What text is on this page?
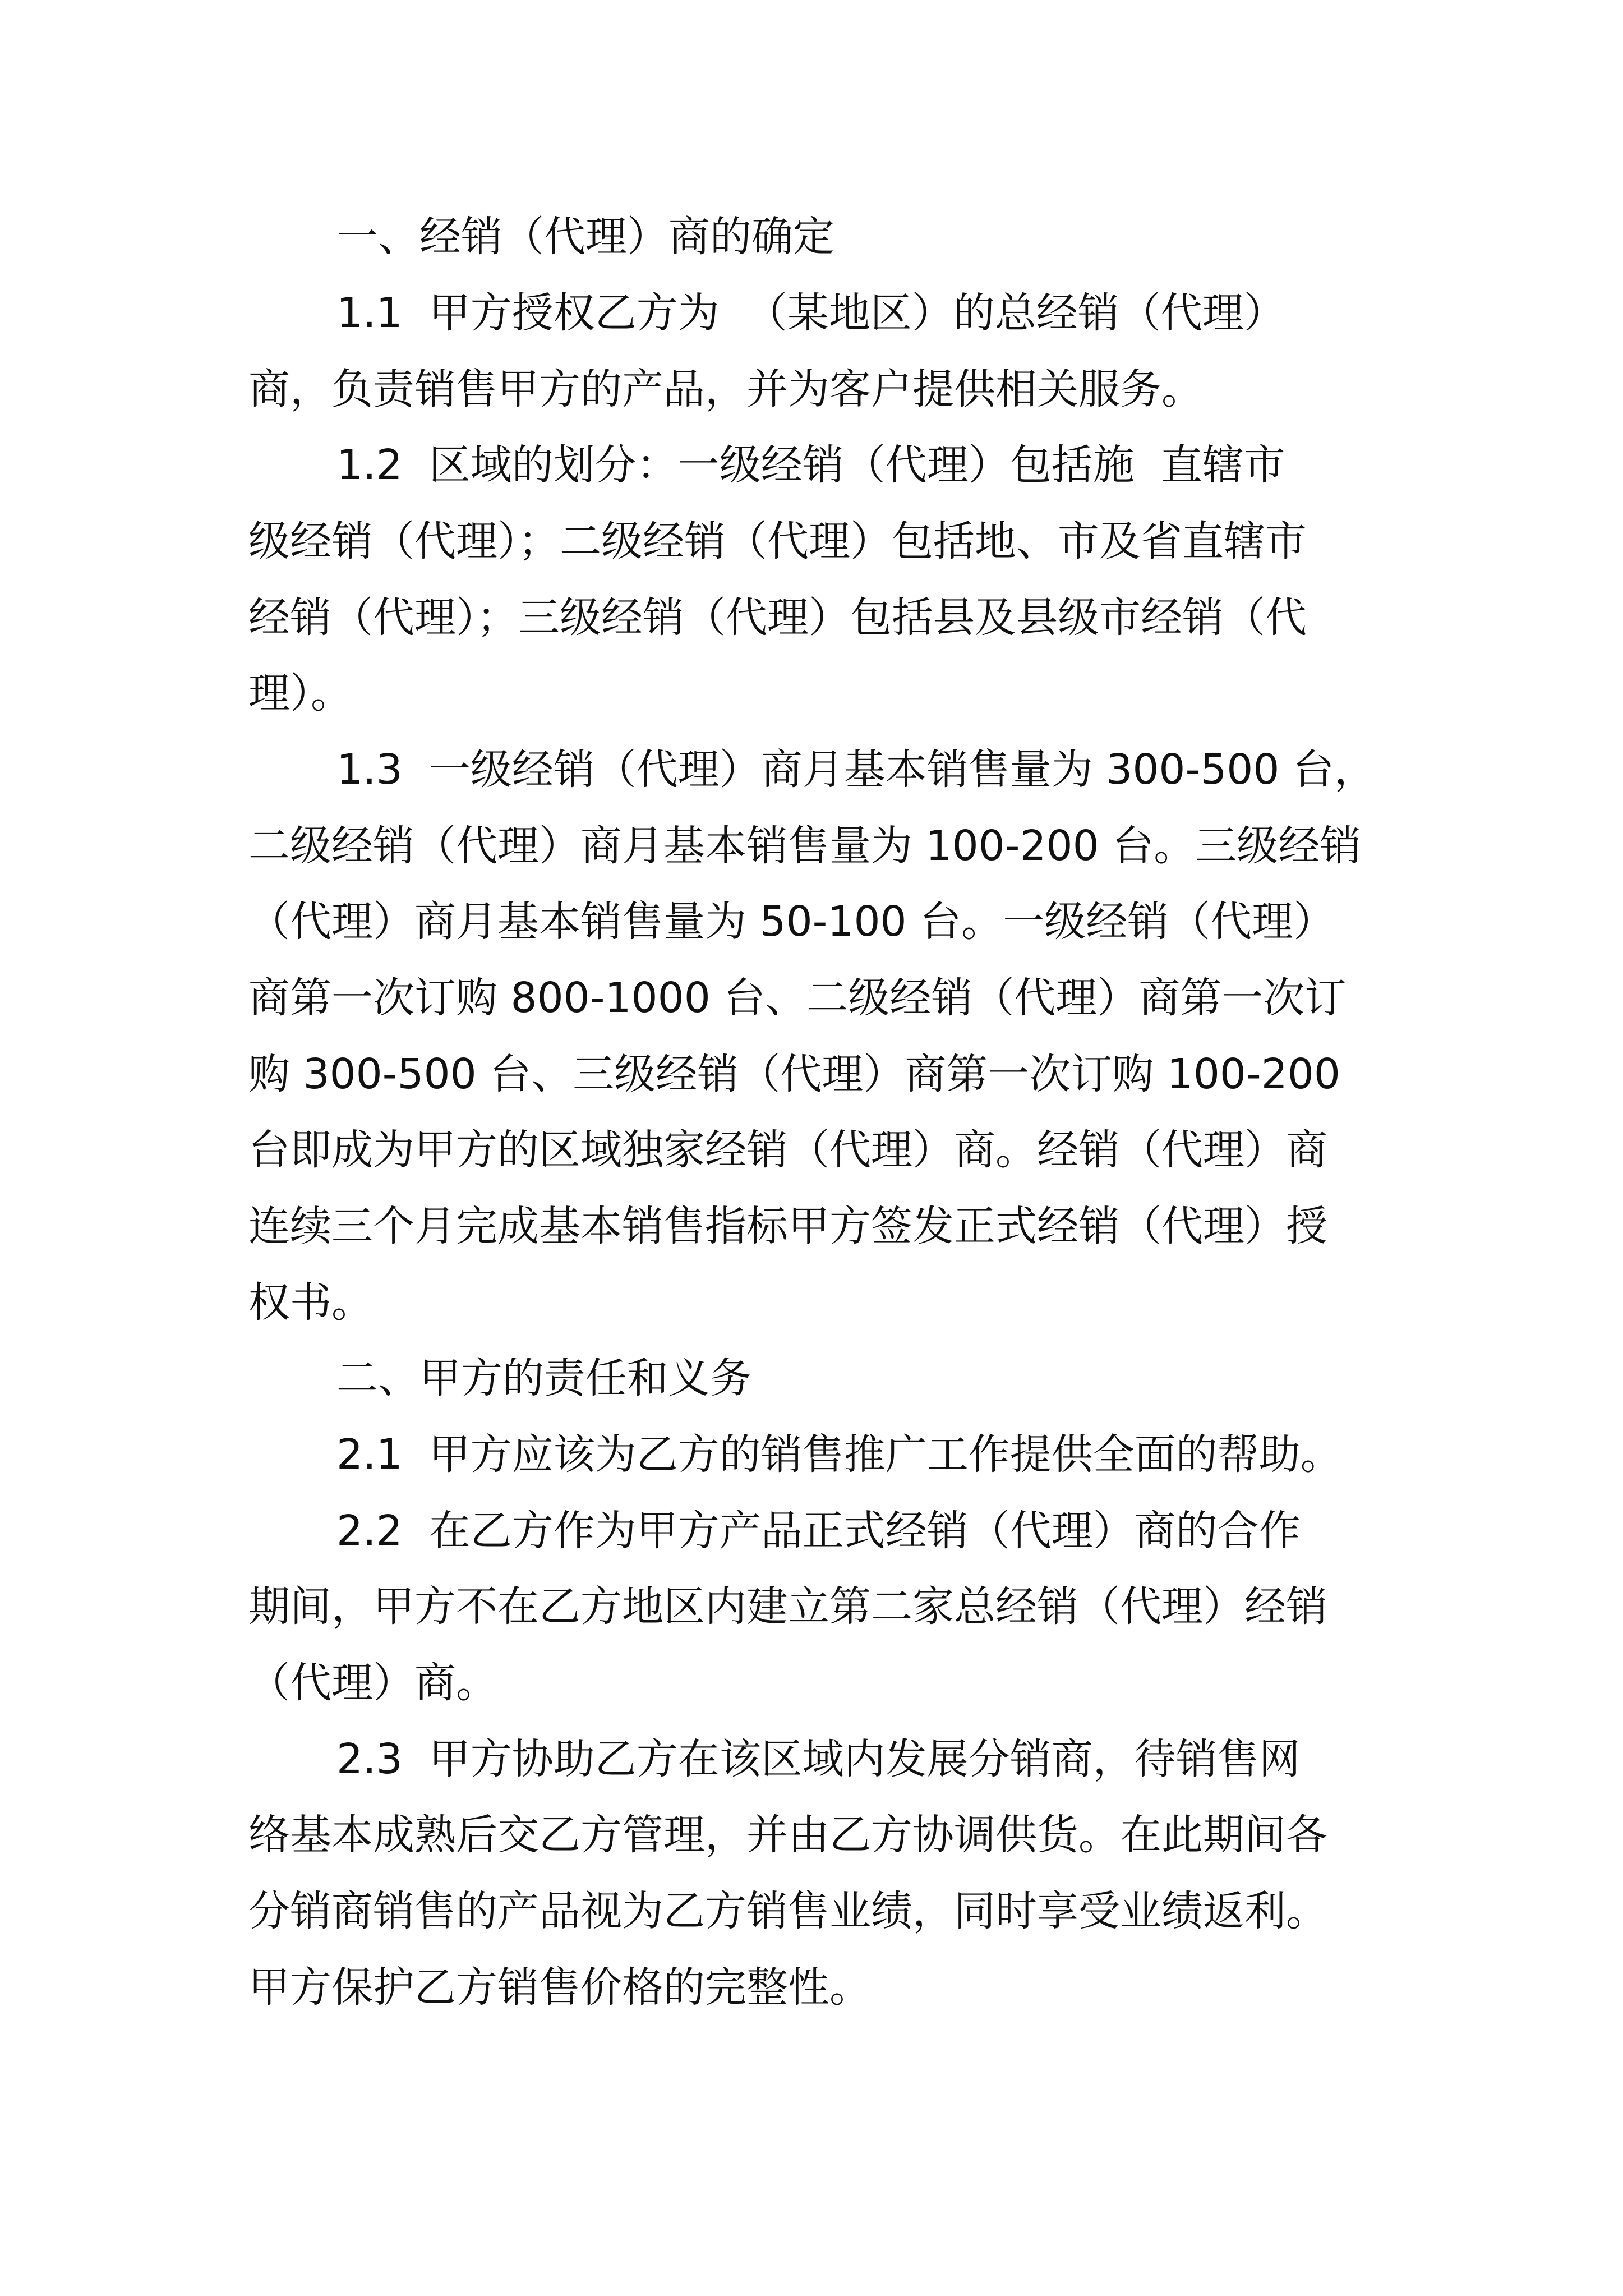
一、经销（代理）商的确定
1.1  甲方授权乙方为  （某地区）的总经销（代理）
商，负责销售甲方的产品，并为客户提供相关服务。
1.2  区域的划分：一级经销（代理）包括施  直辖市
级经销（代理）；二级经销（代理）包括地、市及省直辖市
经销（代理）；三级经销（代理）包括县及县级市经销（代
理）。
1.3  一级经销（代理）商月基本销售量为 300-500 台，
二级经销（代理）商月基本销售量为 100-200 台。三级经销
（代理）商月基本销售量为 50-100 台。一级经销（代理）
商第一次订购 800-1000 台、二级经销（代理）商第一次订
购 300-500 台、三级经销（代理）商第一次订购 100-200
台即成为甲方的区域独家经销（代理）商。经销（代理）商
连续三个月完成基本销售指标甲方签发正式经销（代理）授
权书。
二、甲方的责任和义务
2.1  甲方应该为乙方的销售推广工作提供全面的帮助。
2.2  在乙方作为甲方产品正式经销（代理）商的合作
期间，甲方不在乙方地区内建立第二家总经销（代理）经销
（代理）商。
2.3  甲方协助乙方在该区域内发展分销商，待销售网
络基本成熟后交乙方管理，并由乙方协调供货。在此期间各
分销商销售的产品视为乙方销售业绩，同时享受业绩返利。
甲方保护乙方销售价格的完整性。
